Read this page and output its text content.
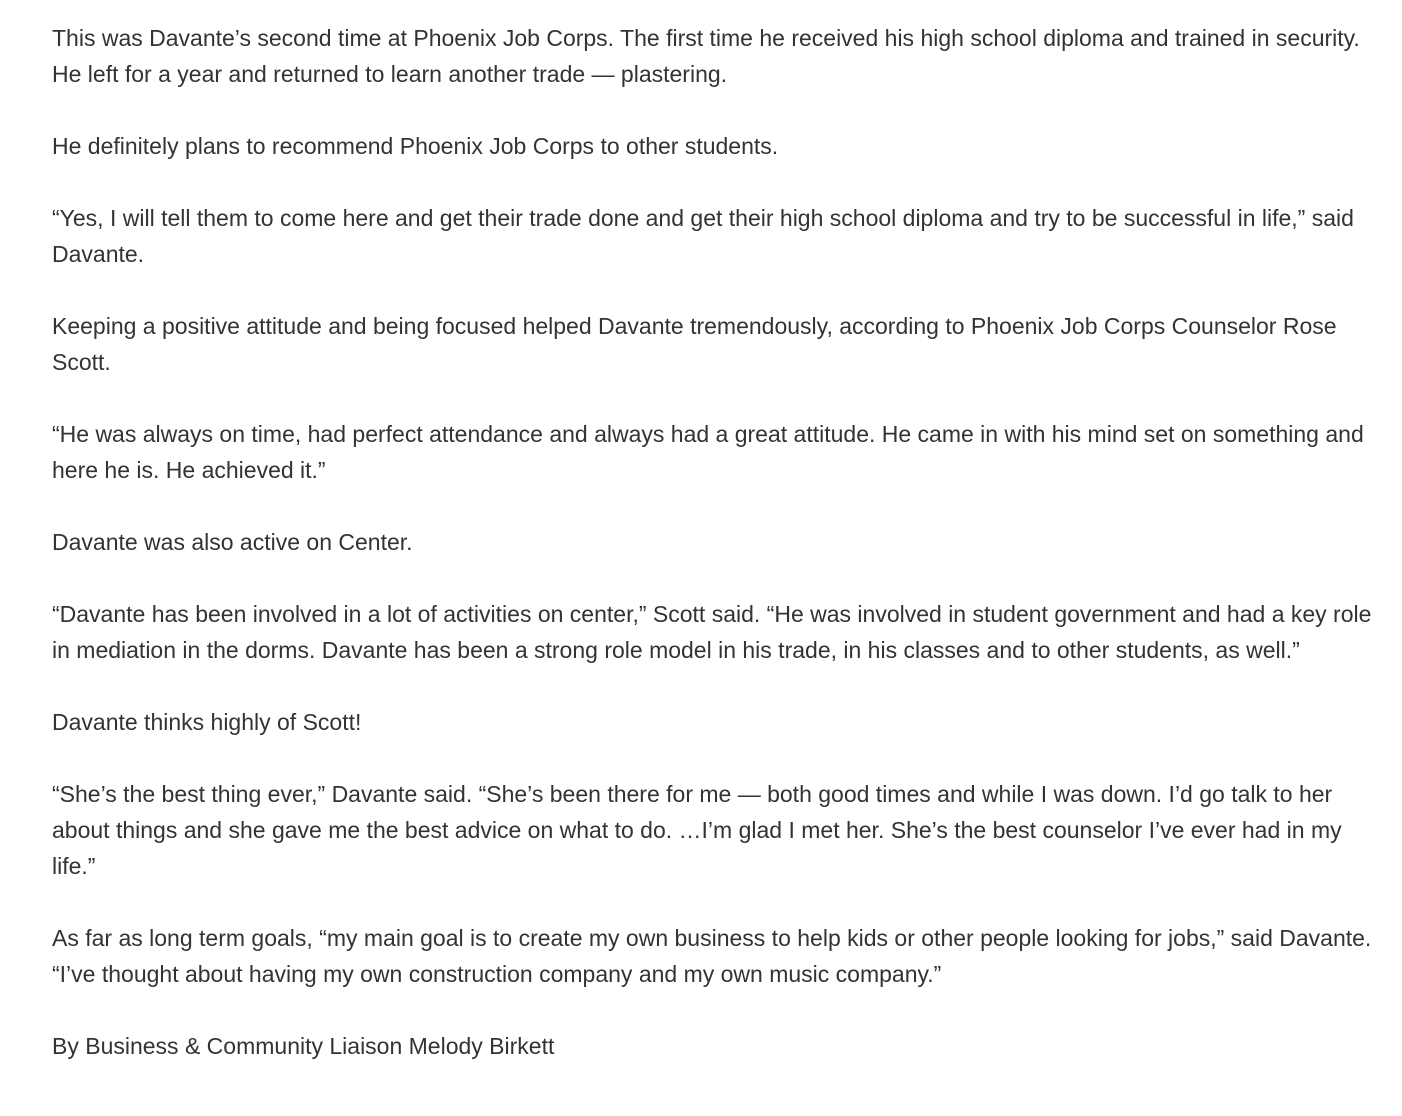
This was Davante’s second time at Phoenix Job Corps. The first time he received his high school diploma and trained in security. He left for a year and returned to learn another trade — plastering.

He definitely plans to recommend Phoenix Job Corps to other students.

“Yes, I will tell them to come here and get their trade done and get their high school diploma and try to be successful in life,” said Davante.

Keeping a positive attitude and being focused helped Davante tremendously, according to Phoenix Job Corps Counselor Rose Scott.

“He was always on time, had perfect attendance and always had a great attitude. He came in with his mind set on something and here he is. He achieved it.”

Davante was also active on Center.

“Davante has been involved in a lot of activities on center,” Scott said. “He was involved in student government and had a key role in mediation in the dorms. Davante has been a strong role model in his trade, in his classes and to other students, as well.”

Davante thinks highly of Scott!

“She’s the best thing ever,” Davante said. “She’s been there for me — both good times and while I was down. I’d go talk to her about things and she gave me the best advice on what to do. …I’m glad I met her. She’s the best counselor I’ve ever had in my life.”

As far as long term goals, “my main goal is to create my own business to help kids or other people looking for jobs,” said Davante. “I’ve thought about having my own construction company and my own music company.”

By Business & Community Liaison Melody Birkett
